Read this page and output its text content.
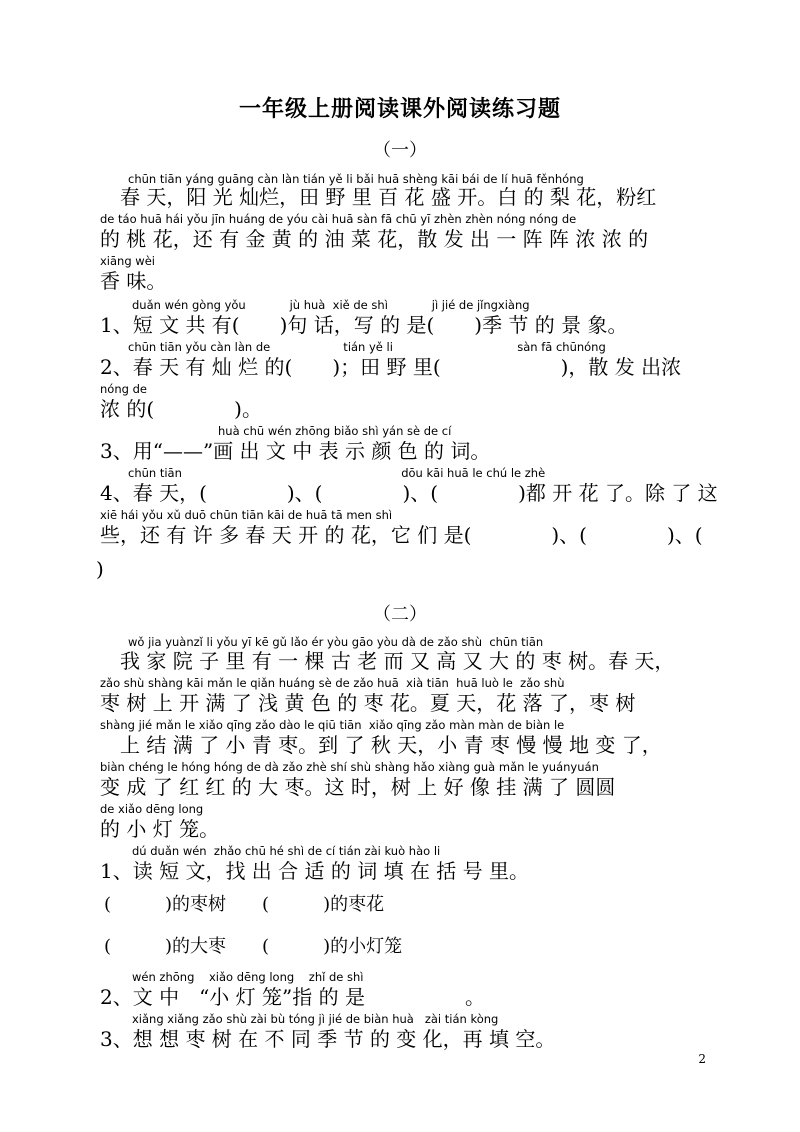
一年级上册阅读课外阅读练习题
（一）
chūn tiān yáng guāng càn làn tián yě li bǎi huā shèng kāi bái de lí huā fěnhóng
　春 天，阳 光 灿烂，田 野 里 百 花 盛 开。白 的 梨 花，粉红
de táo huā hái yǒu jīn huáng de yóu cài huā sàn fā chū yī zhèn zhèn nóng nóng de
的 桃 花，还 有 金 黄 的 油 菜 花，散 发 出 一 阵 阵 浓 浓 的
xiāng wèi
香 味。
duǎn wén gòng yǒu            jù huà  xiě de shì            jì jié de jǐngxiàng
1、短 文 共 有(　　)句 话，写 的 是(　　)季 节 的 景 象。
chūn tiān yǒu càn làn de                    tián yě li                                  sàn fā chūnóng
2、春 天 有 灿 烂 的(　　)；田 野 里(　　　　　　)，散 发 出浓
nóng de
浓 的(　　　　)。
huà chū wén zhōng biǎo shì yán sè de cí
3、用“——”画 出 文 中 表 示 颜 色 的 词。
chūn tiān                                                            dōu kāi huā le chú le zhè
4、春 天，(　　　　)、(　　　　)、(　　　　)都 开 花 了。除 了 这
xiē hái yǒu xǔ duō chūn tiān kāi de huā tā men shì
些，还 有 许 多 春 天 开 的 花，它 们 是(　　　　)、(　　　　)、(
)
（二）
wǒ jia yuànzǐ li yǒu yī kē gǔ lǎo ér yòu gāo yòu dà de zǎo shù  chūn tiān
　我 家 院 子 里 有 一 棵 古 老 而 又 高 又 大 的 枣 树。春 天，
zǎo shù shàng kāi mǎn le qiǎn huáng sè de zǎo huā  xià tiān  huā luò le  zǎo shù
枣 树 上 开 满 了 浅 黄 色 的 枣 花。夏 天，花 落 了，枣 树
shàng jié mǎn le xiǎo qīng zǎo dào le qiū tiān  xiǎo qīng zǎo màn màn de biàn le
　上 结 满 了 小 青 枣。到 了 秋 天，小 青 枣 慢 慢 地 变 了，
biàn chéng le hóng hóng de dà zǎo zhè shí shù shàng hǎo xiàng guà mǎn le yuányuán
变 成 了 红 红 的 大 枣。这 时，树 上 好 像 挂 满 了 圆圆
de xiǎo dēng long
的 小 灯 笼。
dú duǎn wén  zhǎo chū hé shì de cí tián zài kuò hào li
1、读 短 文，找 出 合 适 的 词 填 在 括 号 里。
(　　　)的枣树　　(　　　)的枣花
(　　　)的大枣　　(　　　)的小灯笼
wén zhōng    xiǎo dēng long    zhǐ de shì
2、文 中　“小 灯 笼”指 的 是　　　　　。
xiǎng xiǎng zǎo shù zài bù tóng jì jié de biàn huà   zài tián kòng
3、想 想 枣 树 在 不 同 季 节 的 变 化，再 填 空。
2
